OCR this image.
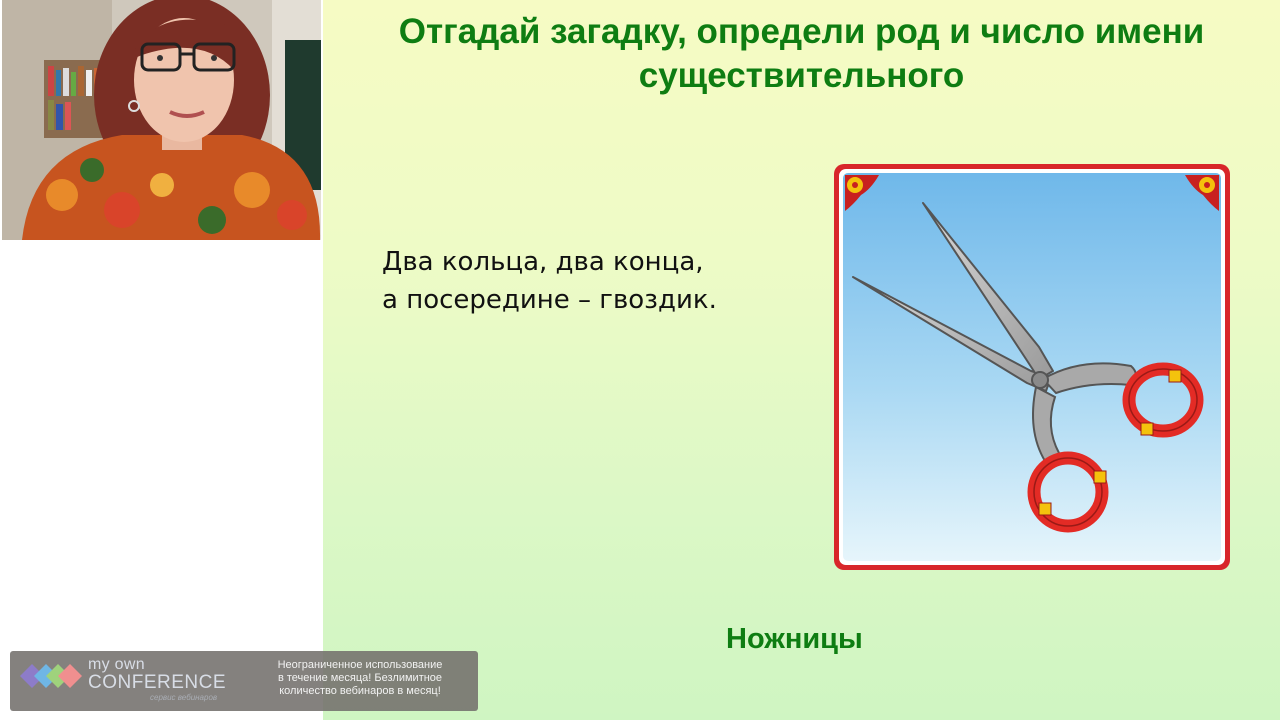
Отгадай загадку, определи род и число имени
существительного
Два кольца, два конца,
а посередине – гвоздик.
Ножницы
my own
CONFERENCE
сервис вебинаров
Неограниченное использование
в течение месяца! Безлимитное
количество вебинаров в месяц!
